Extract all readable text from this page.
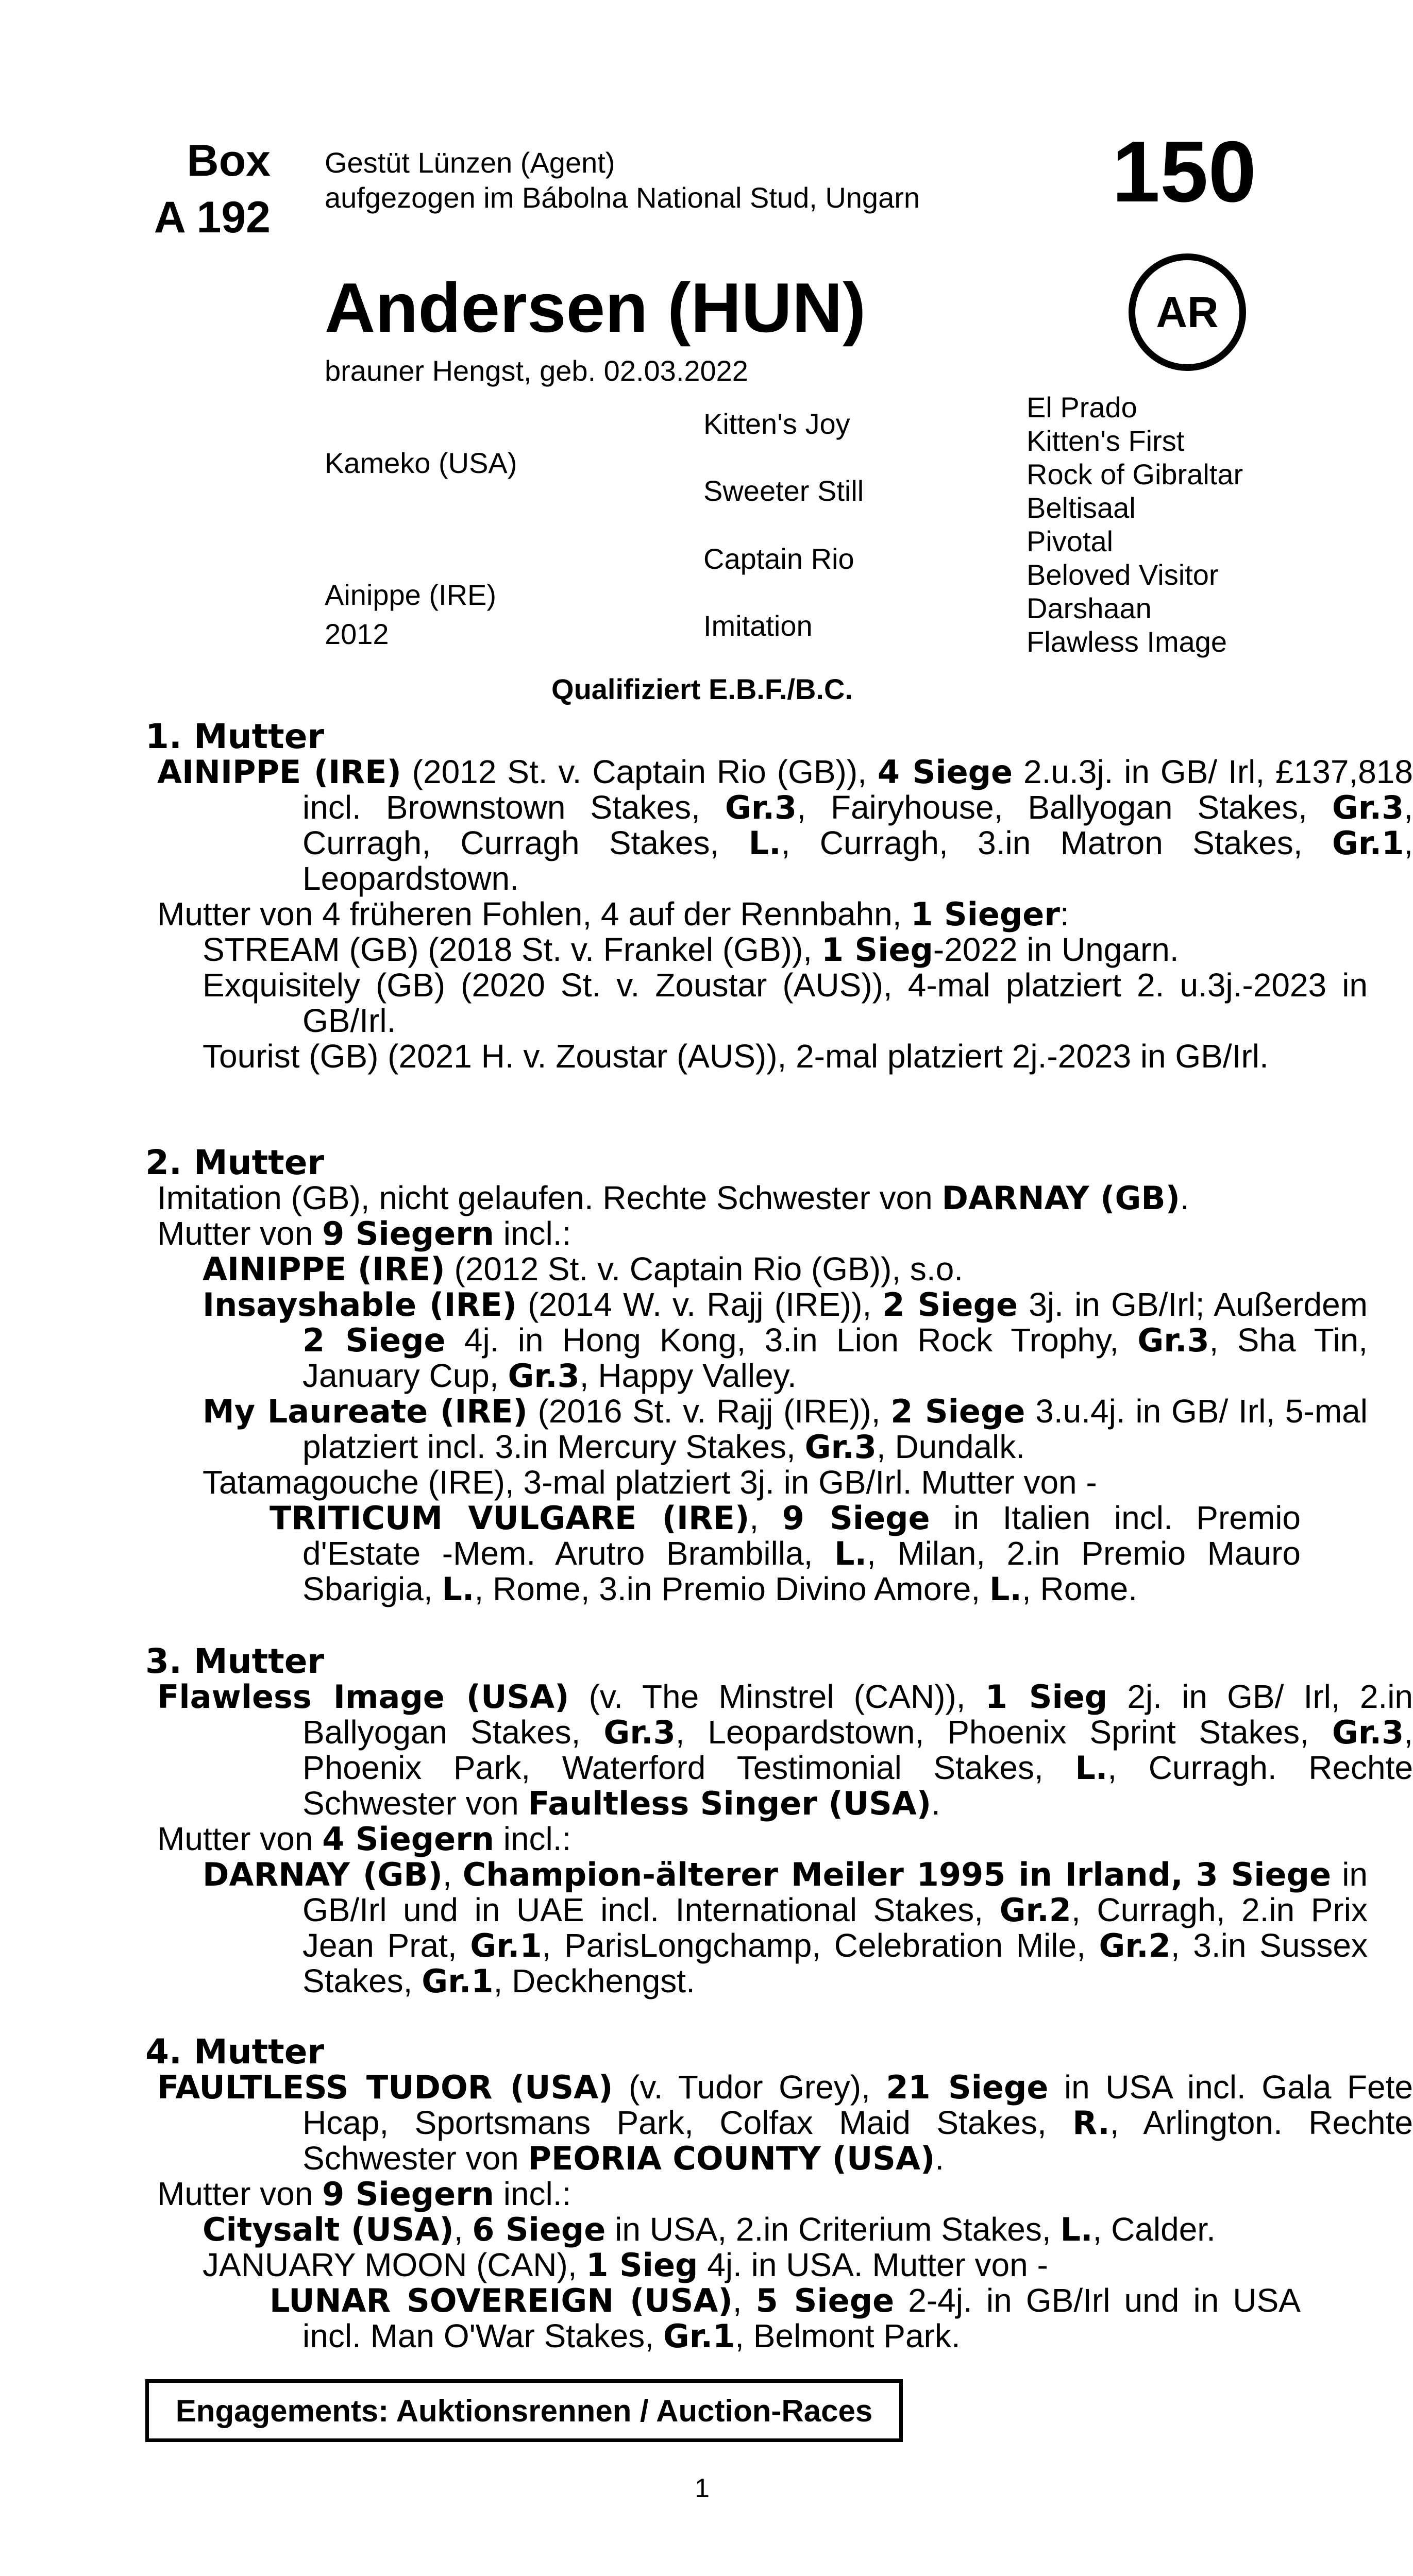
Box
A 192
Gestüt Lünzen (Agent)
aufgezogen im Bábolna National Stud, Ungarn 150
AR
Andersen (HUN)
brauner Hengst, geb. 02.03.2022
Kameko (USA)
Ainippe (IRE)
2012
Kitten's Joy
Sweeter Still
Captain Rio
Imitation
El Prado
Kitten's First
Rock of Gibraltar
Beltisaal
Pivotal
Beloved Visitor
Darshaan
Flawless Image
Qualifiziert E.B.F./B.C.
1. Mutter
AINIPPE (IRE) (2012 St. v. Captain Rio (GB)), 4 Siege 2.u.3j. in GB/ Irl, £137,818 incl. Brownstown Stakes, Gr.3, Fairyhouse, Ballyogan Stakes, Gr.3, Curragh, Curragh Stakes, L., Curragh, 3.in Matron Stakes, Gr.1, Leopardstown.
Mutter von 4 früheren Fohlen, 4 auf der Rennbahn, 1 Sieger:
STREAM (GB) (2018 St. v. Frankel (GB)), 1 Sieg-2022 in Ungarn.
Exquisitely (GB) (2020 St. v. Zoustar (AUS)), 4-mal platziert 2. u.3j.-2023 in GB/Irl.
Tourist (GB) (2021 H. v. Zoustar (AUS)), 2-mal platziert 2j.-2023 in GB/Irl.
2. Mutter
Imitation (GB), nicht gelaufen. Rechte Schwester von DARNAY (GB).
Mutter von 9 Siegern incl.:
AINIPPE (IRE) (2012 St. v. Captain Rio (GB)), s.o.
Insayshable (IRE) (2014 W. v. Rajj (IRE)), 2 Siege 3j. in GB/Irl; Außerdem 2 Siege 4j. in Hong Kong, 3.in Lion Rock Trophy, Gr.3, Sha Tin, January Cup, Gr.3, Happy Valley.
My Laureate (IRE) (2016 St. v. Rajj (IRE)), 2 Siege 3.u.4j. in GB/ Irl, 5-mal platziert incl. 3.in Mercury Stakes, Gr.3, Dundalk.
Tatamagouche (IRE), 3-mal platziert 3j. in GB/Irl. Mutter von -
TRITICUM VULGARE (IRE), 9 Siege in Italien incl. Premio d'Estate -Mem. Arutro Brambilla, L., Milan, 2.in Premio Mauro Sbarigia, L., Rome, 3.in Premio Divino Amore, L., Rome.
3. Mutter
Flawless Image (USA) (v. The Minstrel (CAN)), 1 Sieg 2j. in GB/ Irl, 2.in Ballyogan Stakes, Gr.3, Leopardstown, Phoenix Sprint Stakes, Gr.3, Phoenix Park, Waterford Testimonial Stakes, L., Curragh. Rechte Schwester von Faultless Singer (USA).
Mutter von 4 Siegern incl.:
DARNAY (GB), Champion-älterer Meiler 1995 in Irland, 3 Siege in GB/Irl und in UAE incl. International Stakes, Gr.2, Curragh, 2.in Prix Jean Prat, Gr.1, ParisLongchamp, Celebration Mile, Gr.2, 3.in Sussex Stakes, Gr.1, Deckhengst.
4. Mutter
FAULTLESS TUDOR (USA) (v. Tudor Grey), 21 Siege in USA incl. Gala Fete Hcap, Sportsmans Park, Colfax Maid Stakes, R., Arlington. Rechte Schwester von PEORIA COUNTY (USA).
Mutter von 9 Siegern incl.:
Citysalt (USA), 6 Siege in USA, 2.in Criterium Stakes, L., Calder.
JANUARY MOON (CAN), 1 Sieg 4j. in USA. Mutter von -
LUNAR SOVEREIGN (USA), 5 Siege 2-4j. in GB/Irl und in USA incl. Man O'War Stakes, Gr.1, Belmont Park.
Engagements: Auktionsrennen / Auction-Races
1
